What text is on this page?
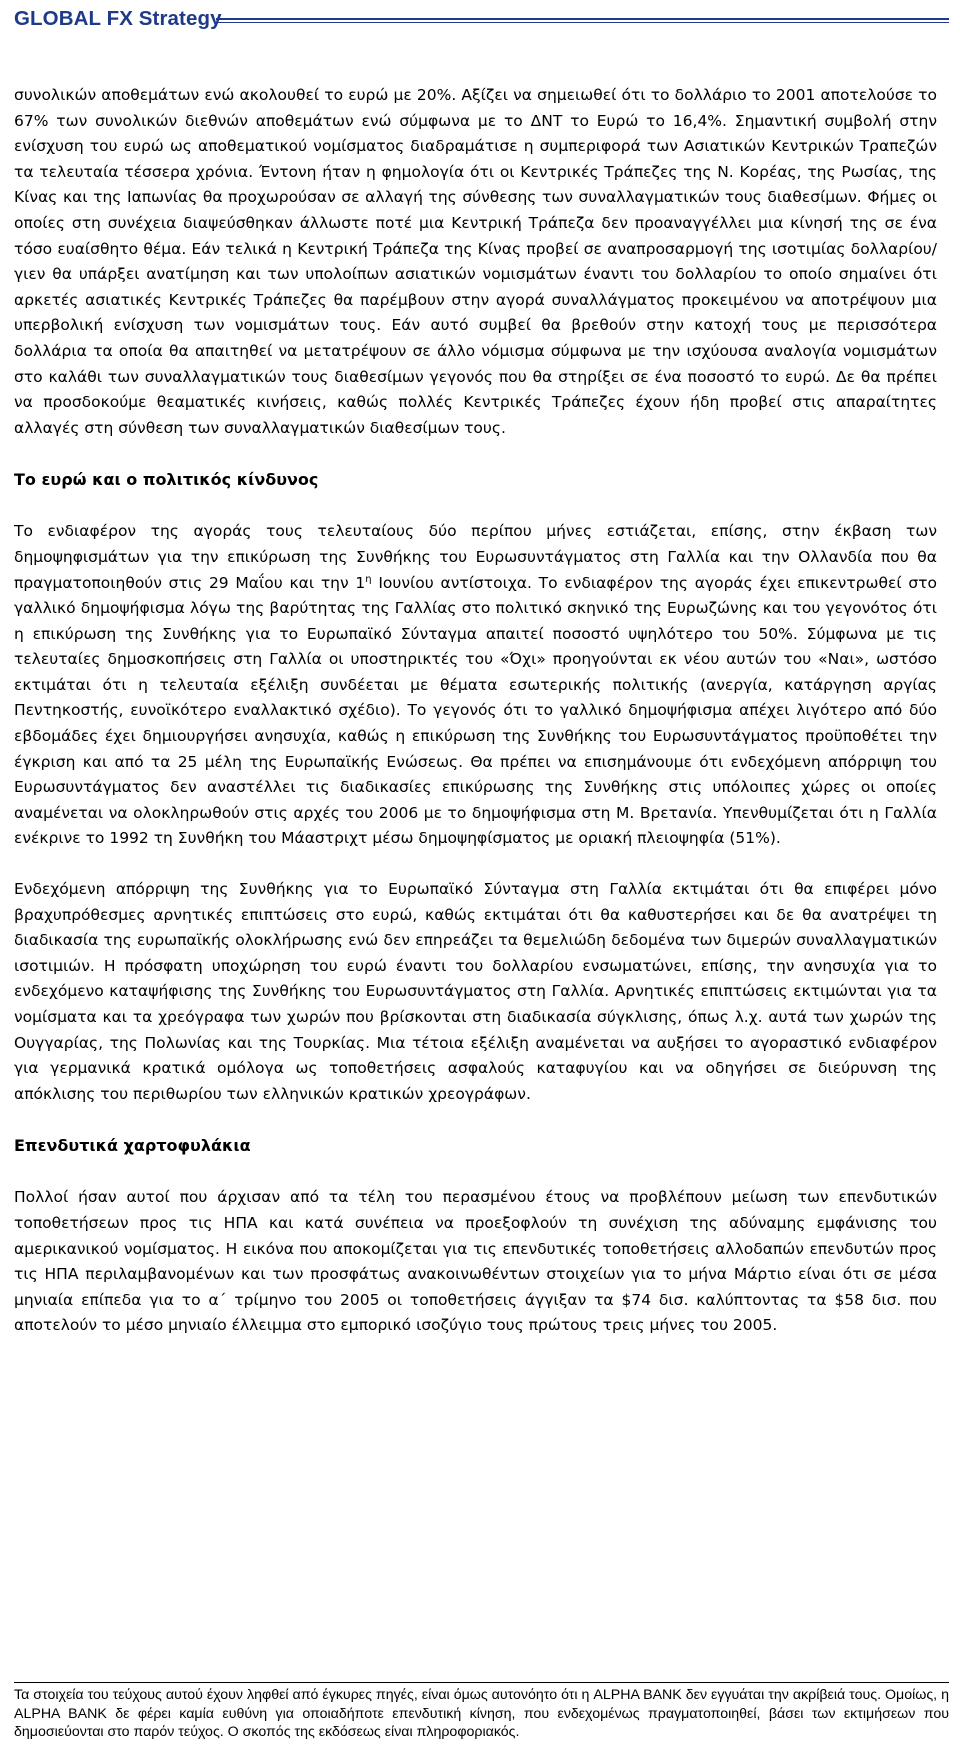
GLOBAL FX Strategy

συνολικών αποθεμάτων ενώ ακολουθεί το ευρώ με 20%. Αξίζει να σημειωθεί ότι το δολλάριο το 2001 αποτελούσε το 67% των συνολικών διεθνών αποθεμάτων ενώ σύμφωνα με το ΔΝΤ το Ευρώ το 16,4%. Σημαντική συμβολή στην ενίσχυση του ευρώ ως αποθεματικού νομίσματος διαδραμάτισε η συμπεριφορά των Ασιατικών Κεντρικών Τραπεζών τα τελευταία τέσσερα χρόνια. Έντονη ήταν η φημολογία ότι οι Κεντρικές Τράπεζες της Ν. Κορέας, της Ρωσίας, της Κίνας και της Ιαπωνίας θα προχωρούσαν σε αλλαγή της σύνθεσης των συναλλαγματικών τους διαθεσίμων. Φήμες οι οποίες στη συνέχεια διαψεύσθηκαν άλλωστε ποτέ μια Κεντρική Τράπεζα δεν προαναγγέλλει μια κίνησή της σε ένα τόσο ευαίσθητο θέμα. Εάν τελικά η Κεντρική Τράπεζα της Κίνας προβεί σε αναπροσαρμογή της ισοτιμίας δολλαρίου/γιεν θα υπάρξει ανατίμηση και των υπολοίπων ασιατικών νομισμάτων έναντι του δολλαρίου το οποίο σημαίνει ότι αρκετές ασιατικές Κεντρικές Τράπεζες θα παρέμβουν στην αγορά συναλλάγματος προκειμένου να αποτρέψουν μια υπερβολική ενίσχυση των νομισμάτων τους. Εάν αυτό συμβεί θα βρεθούν στην κατοχή τους με περισσότερα δολλάρια τα οποία θα απαιτηθεί να μετατρέψουν σε άλλο νόμισμα σύμφωνα με την ισχύουσα αναλογία νομισμάτων στο καλάθι των συναλλαγματικών τους διαθεσίμων γεγονός που θα στηρίξει σε ένα ποσοστό το ευρώ. Δε θα πρέπει να προσδοκούμε θεαματικές κινήσεις, καθώς πολλές Κεντρικές Τράπεζες έχουν ήδη προβεί στις απαραίτητες αλλαγές στη σύνθεση των συναλλαγματικών διαθεσίμων τους.

Το ευρώ και ο πολιτικός κίνδυνος

Το ενδιαφέρον της αγοράς τους τελευταίους δύο περίπου μήνες εστιάζεται, επίσης, στην έκβαση των δημοψηφισμάτων για την επικύρωση της Συνθήκης του Ευρωσυντάγματος στη Γαλλία και την Ολλανδία που θα πραγματοποιηθούν στις 29 Μαΐου και την $1^\eta$ Ιουνίου αντίστοιχα. Το ενδιαφέρον της αγοράς έχει επικεντρωθεί στο γαλλικό δημοψήφισμα λόγω της βαρύτητας της Γαλλίας στο πολιτικό σκηνικό της Ευρωζώνης και του γεγονότος ότι η επικύρωση της Συνθήκης για το Ευρωπαϊκό Σύνταγμα απαιτεί ποσοστό υψηλότερο του 50%. Σύμφωνα με τις τελευταίες δημοσκοπήσεις στη Γαλλία οι υποστηρικτές του «Όχι» προηγούνται εκ νέου αυτών του «Ναι», ωστόσο εκτιμάται ότι η τελευταία εξέλιξη συνδέεται με θέματα εσωτερικής πολιτικής (ανεργία, κατάργηση αργίας Πεντηκοστής, ευνοϊκότερο εναλλακτικό σχέδιο). Το γεγονός ότι το γαλλικό δημοψήφισμα απέχει λιγότερο από δύο εβδομάδες έχει δημιουργήσει ανησυχία, καθώς η επικύρωση της Συνθήκης του Ευρωσυντάγματος προϋποθέτει την έγκριση και από τα 25 μέλη της Ευρωπαϊκής Ενώσεως. Θα πρέπει να επισημάνουμε ότι ενδεχόμενη απόρριψη του Ευρωσυντάγματος δεν αναστέλλει τις διαδικασίες επικύρωσης της Συνθήκης στις υπόλοιπες χώρες οι οποίες αναμένεται να ολοκληρωθούν στις αρχές του 2006 με το δημοψήφισμα στη Μ. Βρετανία. Υπενθυμίζεται ότι η Γαλλία ενέκρινε το 1992 τη Συνθήκη του Μάαστριχτ μέσω δημοψηφίσματος με οριακή πλειοψηφία (51%).

Ενδεχόμενη απόρριψη της Συνθήκης για το Ευρωπαϊκό Σύνταγμα στη Γαλλία εκτιμάται ότι θα επιφέρει μόνο βραχυπρόθεσμες αρνητικές επιπτώσεις στο ευρώ, καθώς εκτιμάται ότι θα καθυστερήσει και δε θα ανατρέψει τη διαδικασία της ευρωπαϊκής ολοκλήρωσης ενώ δεν επηρεάζει τα θεμελιώδη δεδομένα των διμερών συναλλαγματικών ισοτιμιών. Η πρόσφατη υποχώρηση του ευρώ έναντι του δολλαρίου ενσωματώνει, επίσης, την ανησυχία για το ενδεχόμενο καταψήφισης της Συνθήκης του Ευρωσυντάγματος στη Γαλλία. Αρνητικές επιπτώσεις εκτιμώνται για τα νομίσματα και τα χρεόγραφα των χωρών που βρίσκονται στη διαδικασία σύγκλισης, όπως λ.χ. αυτά των χωρών της Ουγγαρίας, της Πολωνίας και της Τουρκίας. Μια τέτοια εξέλιξη αναμένεται να αυξήσει το αγοραστικό ενδιαφέρον για γερμανικά κρατικά ομόλογα ως τοποθετήσεις ασφαλούς καταφυγίου και να οδηγήσει σε διεύρυνση της απόκλισης του περιθωρίου των ελληνικών κρατικών χρεογράφων.

Επενδυτικά χαρτοφυλάκια

Πολλοί ήσαν αυτοί που άρχισαν από τα τέλη του περασμένου έτους να προβλέπουν μείωση των επενδυτικών τοποθετήσεων προς τις ΗΠΑ και κατά συνέπεια να προεξοφλούν τη συνέχιση της αδύναμης εμφάνισης του αμερικανικού νομίσματος. Η εικόνα που αποκομίζεται για τις επενδυτικές τοποθετήσεις αλλοδαπών επενδυτών προς τις ΗΠΑ περιλαμβανομένων και των προσφάτως ανακοινωθέντων στοιχείων για το μήνα Μάρτιο είναι ότι σε μέσα μηνιαία επίπεδα για το α΄ τρίμηνο του 2005 οι τοποθετήσεις άγγιξαν τα $74 δισ. καλύπτοντας τα $58 δισ. που αποτελούν το μέσο μηνιαίο έλλειμμα στο εμπορικό ισοζύγιο τους πρώτους τρεις μήνες του 2005.

Τα στοιχεία του τεύχους αυτού έχουν ληφθεί από έγκυρες πηγές, είναι όμως αυτονόητο ότι η ALPHA BANK δεν εγγυάται την ακρίβειά τους. Ομοίως, η ALPHA BANK δε φέρει καμία ευθύνη για οποιαδήποτε επενδυτική κίνηση, που ενδεχομένως πραγματοποιηθεί, βάσει των εκτιμήσεων που δημοσιεύονται στο παρόν τεύχος. Ο σκοπός της εκδόσεως είναι πληροφοριακός.
